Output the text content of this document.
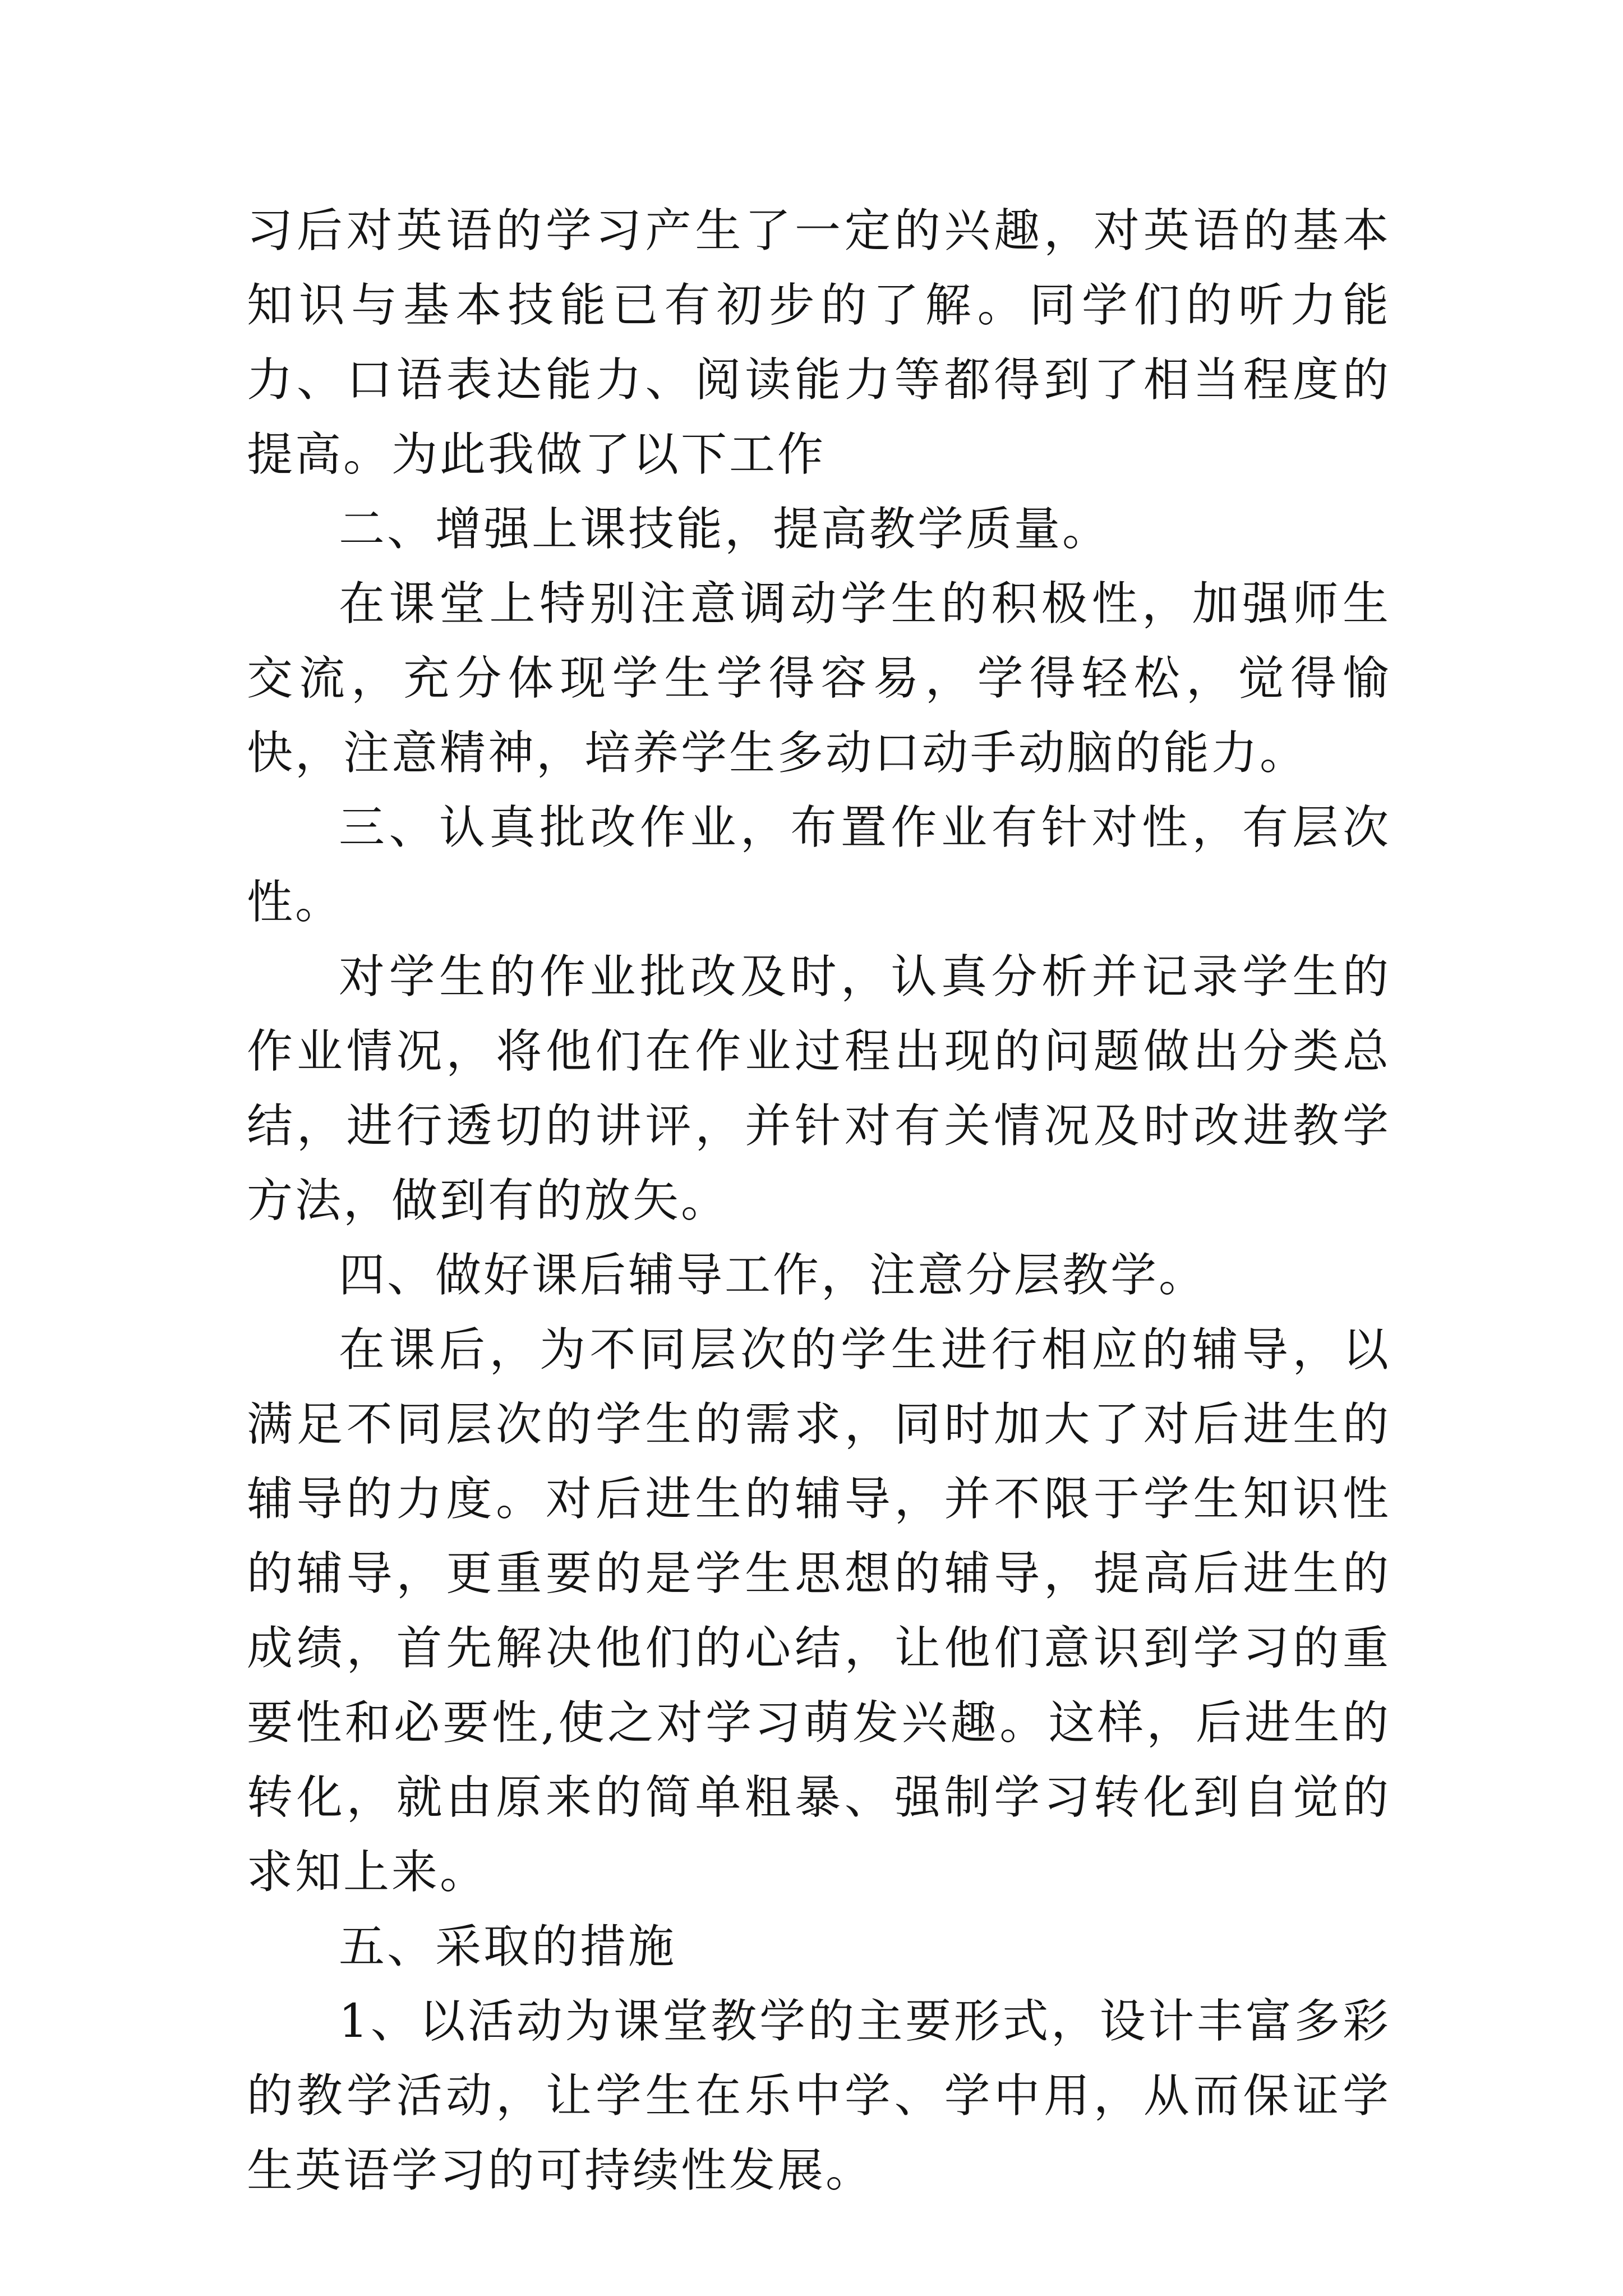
习后对英语的学习产生了一定的兴趣，对英语的基本知识与基本技能已有初步的了解。同学们的听力能力、口语表达能力、阅读能力等都得到了相当程度的提高。为此我做了以下工作

二、增强上课技能，提高教学质量。

在课堂上特别注意调动学生的积极性，加强师生交流，充分体现学生学得容易，学得轻松，觉得愉快，注意精神，培养学生多动口动手动脑的能力。

三、认真批改作业，布置作业有针对性，有层次性。

对学生的作业批改及时，认真分析并记录学生的作业情况，将他们在作业过程出现的问题做出分类总结，进行透切的讲评，并针对有关情况及时改进教学方法，做到有的放矢。

四、做好课后辅导工作，注意分层教学。

在课后，为不同层次的学生进行相应的辅导，以满足不同层次的学生的需求，同时加大了对后进生的辅导的力度。对后进生的辅导，并不限于学生知识性的辅导，更重要的是学生思想的辅导，提高后进生的成绩，首先解决他们的心结，让他们意识到学习的重要性和必要性,使之对学习萌发兴趣。这样，后进生的转化，就由原来的简单粗暴、强制学习转化到自觉的求知上来。

五、采取的措施

1、以活动为课堂教学的主要形式，设计丰富多彩的教学活动，让学生在乐中学、学中用，从而保证学生英语学习的可持续性发展。
